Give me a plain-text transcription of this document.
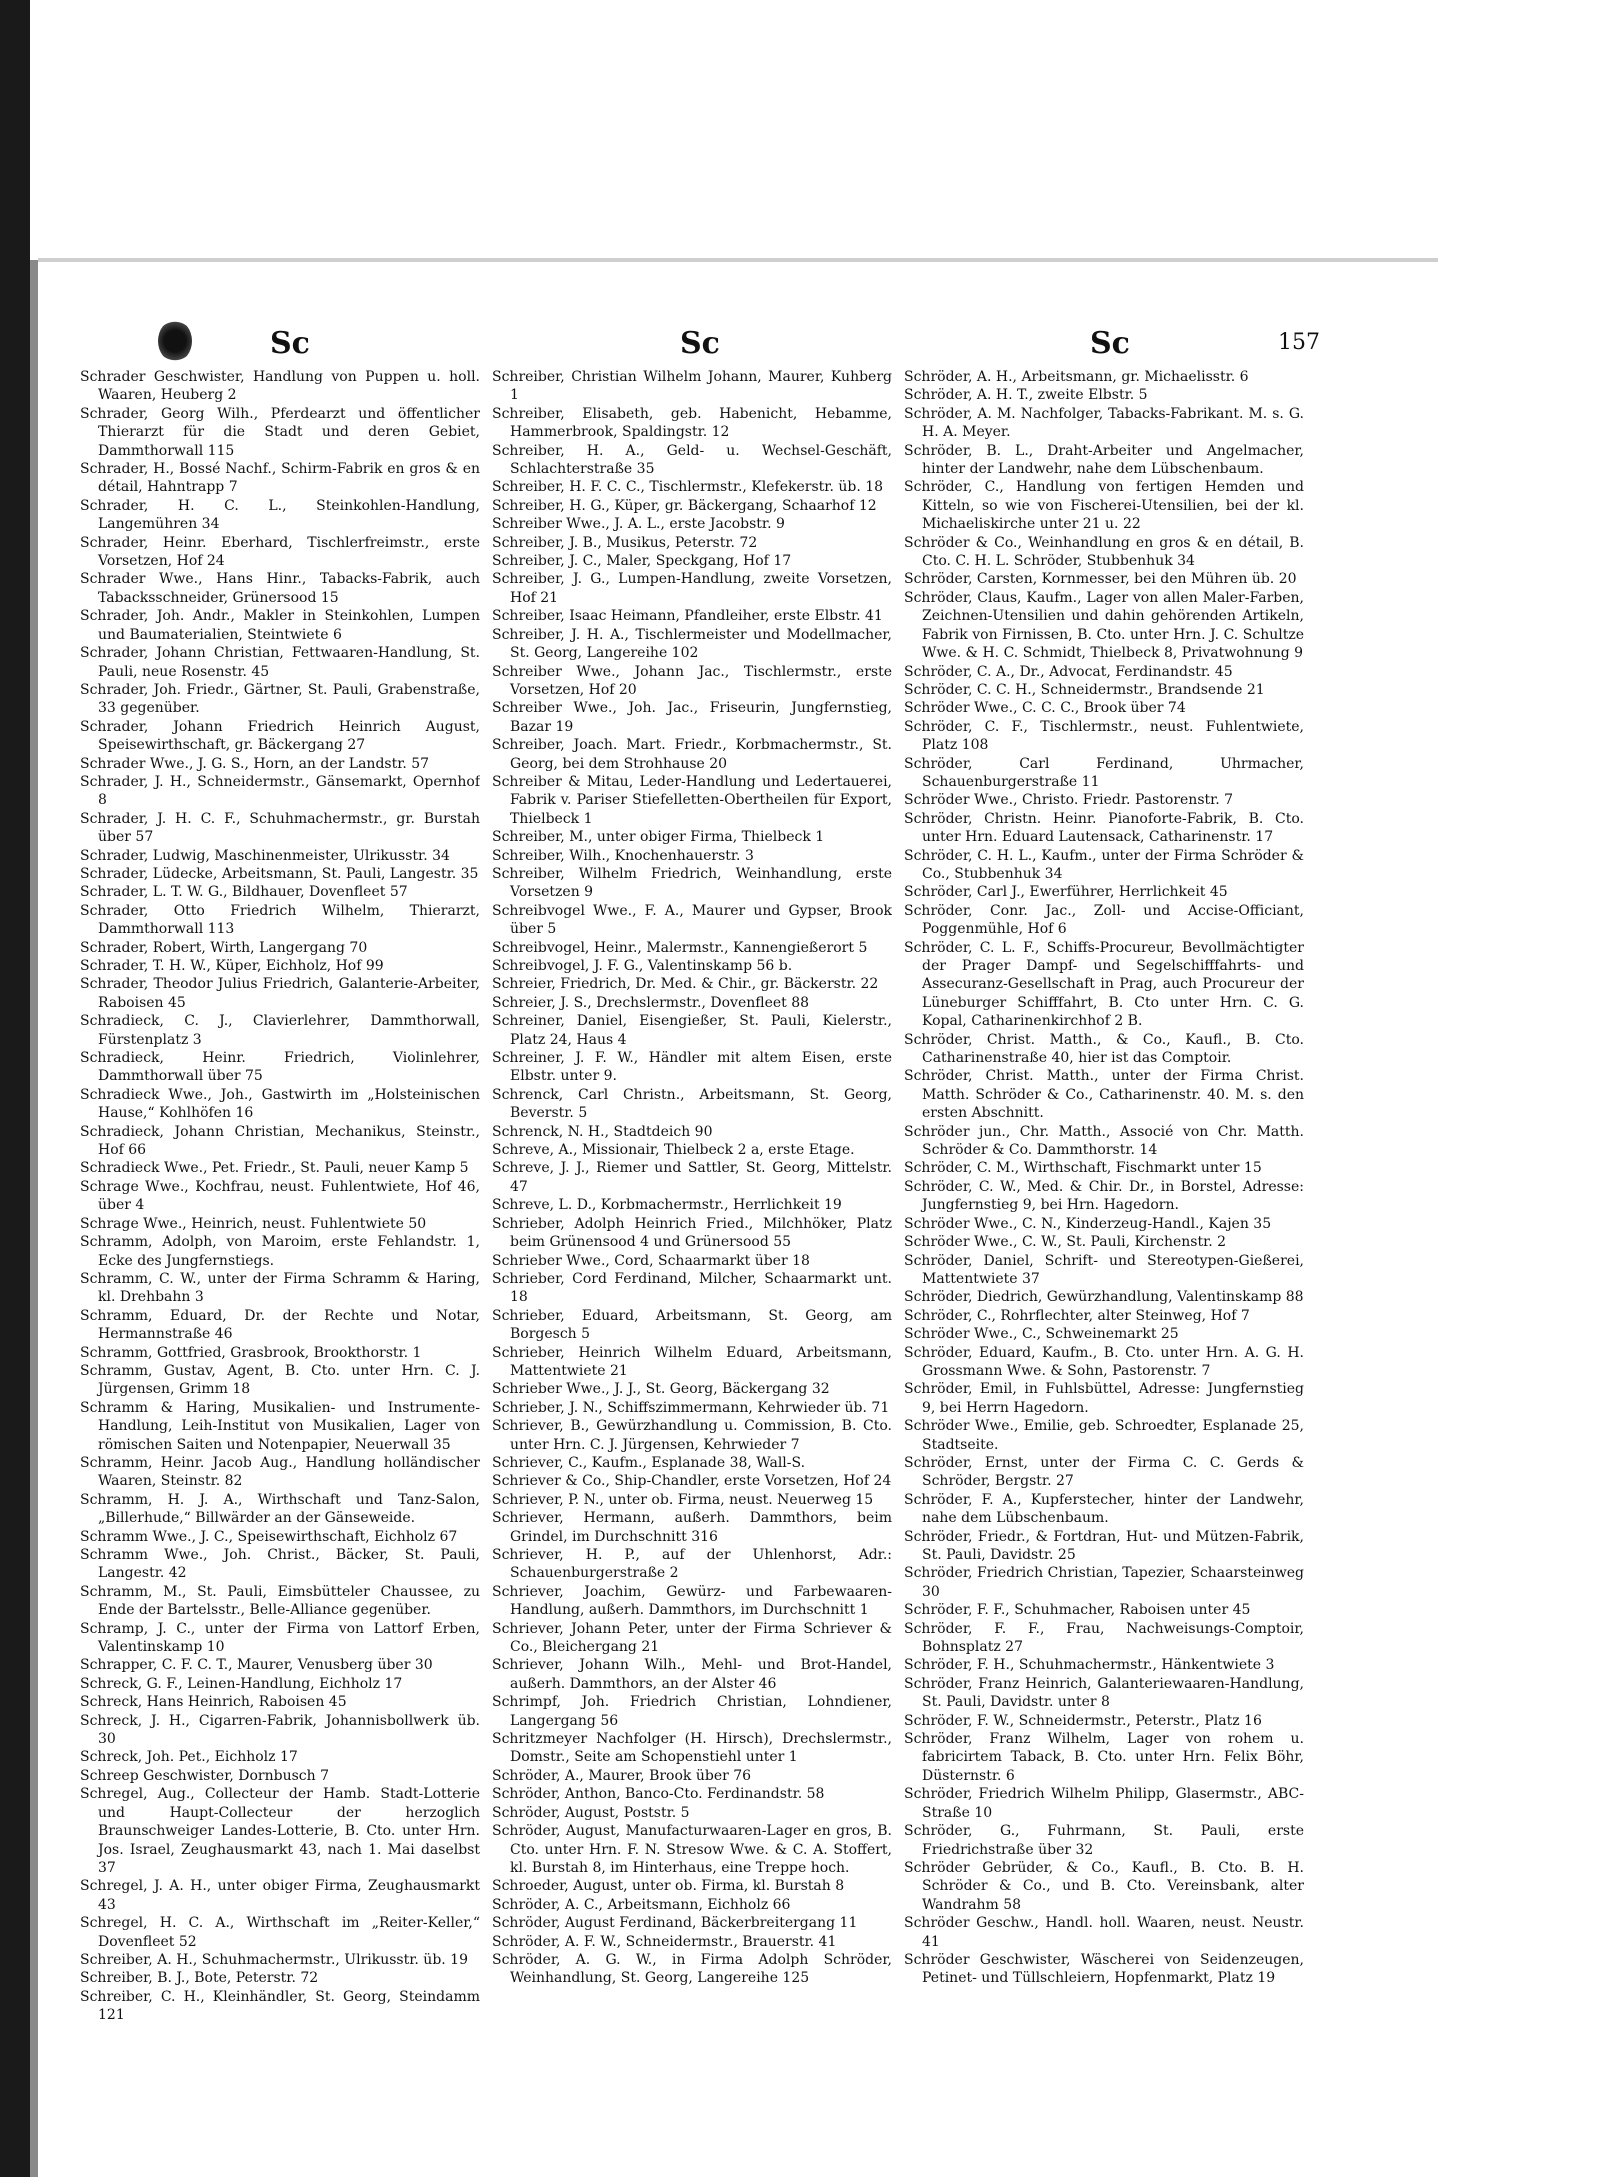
Sc	Sc	Sc	157

Schrader Geschwister, Handlung von Puppen u. holl. Waaren, Heuberg 2

Schrader, Georg Wilh., Pferdearzt und öffentlicher Thierarzt für die Stadt und deren Gebiet, Dammthorwall 115

Schrader, H., Bossé Nachf., Schirm-Fabrik en gros & en détail, Hahntrapp 7

Schrader, H. C. L., Steinkohlen-Handlung, Langemühren 34

Schrader, Heinr. Eberhard, Tischlerfreimstr., erste Vorsetzen, Hof 24

Schrader Wwe., Hans Hinr., Tabacks-Fabrik, auch Tabacksschneider, Grünersood 15

Schrader, Joh. Andr., Makler in Steinkohlen, Lumpen und Baumaterialien, Steintwiete 6

Schrader, Johann Christian, Fettwaaren-Handlung, St. Pauli, neue Rosenstr. 45

Schrader, Joh. Friedr., Gärtner, St. Pauli, Grabenstraße, 33 gegenüber.

Schrader, Johann Friedrich Heinrich August, Speisewirthschaft, gr. Bäckergang 27

Schrader Wwe., J. G. S., Horn, an der Landstr. 57

Schrader, J. H., Schneidermstr., Gänsemarkt, Opernhof 8

Schrader, J. H. C. F., Schuhmachermstr., gr. Burstah über 57

Schrader, Ludwig, Maschinenmeister, Ulrikusstr. 34

Schrader, Lüdecke, Arbeitsmann, St. Pauli, Langestr. 35

Schrader, L. T. W. G., Bildhauer, Dovenfleet 57

Schrader, Otto Friedrich Wilhelm, Thierarzt, Dammthorwall 113

Schrader, Robert, Wirth, Langergang 70

Schrader, T. H. W., Küper, Eichholz, Hof 99

Schrader, Theodor Julius Friedrich, Galanterie-Arbeiter, Raboisen 45

Schradieck, C. J., Clavierlehrer, Dammthorwall, Fürstenplatz 3

Schradieck, Heinr. Friedrich, Violinlehrer, Dammthorwall über 75

Schradieck Wwe., Joh., Gastwirth im „Holsteinischen Hause,“ Kohlhöfen 16

Schradieck, Johann Christian, Mechanikus, Steinstr., Hof 66

Schradieck Wwe., Pet. Friedr., St. Pauli, neuer Kamp 5

Schrage Wwe., Kochfrau, neust. Fuhlentwiete, Hof 46, über 4

Schrage Wwe., Heinrich, neust. Fuhlentwiete 50

Schramm, Adolph, von Maroim, erste Fehlandstr. 1, Ecke des Jungfernstiegs.

Schramm, C. W., unter der Firma Schramm & Haring, kl. Drehbahn 3

Schramm, Eduard, Dr. der Rechte und Notar, Hermannstraße 46

Schramm, Gottfried, Grasbrook, Brookthorstr. 1

Schramm, Gustav, Agent, B. Cto. unter Hrn. C. J. Jürgensen, Grimm 18

Schramm & Haring, Musikalien- und Instrumente-Handlung, Leih-Institut von Musikalien, Lager von römischen Saiten und Notenpapier, Neuerwall 35

Schramm, Heinr. Jacob Aug., Handlung holländischer Waaren, Steinstr. 82

Schramm, H. J. A., Wirthschaft und Tanz-Salon, „Billerhude,“ Billwärder an der Gänseweide.

Schramm Wwe., J. C., Speisewirthschaft, Eichholz 67

Schramm Wwe., Joh. Christ., Bäcker, St. Pauli, Langestr. 42

Schramm, M., St. Pauli, Eimsbütteler Chaussee, zu Ende der Bartelsstr., Belle-Alliance gegenüber.

Schramp, J. C., unter der Firma von Lattorf Erben, Valentinskamp 10

Schrapper, C. F. C. T., Maurer, Venusberg über 30

Schreck, G. F., Leinen-Handlung, Eichholz 17

Schreck, Hans Heinrich, Raboisen 45

Schreck, J. H., Cigarren-Fabrik, Johannisbollwerk üb. 30

Schreck, Joh. Pet., Eichholz 17

Schreep Geschwister, Dornbusch 7

Schregel, Aug., Collecteur der Hamb. Stadt-Lotterie und Haupt-Collecteur der herzoglich Braunschweiger Landes-Lotterie, B. Cto. unter Hrn. Jos. Israel, Zeughausmarkt 43, nach 1. Mai daselbst 37

Schregel, J. A. H., unter obiger Firma, Zeughausmarkt 43

Schregel, H. C. A., Wirthschaft im „Reiter-Keller,“ Dovenfleet 52

Schreiber, A. H., Schuhmachermstr., Ulrikusstr. üb. 19

Schreiber, B. J., Bote, Peterstr. 72

Schreiber, C. H., Kleinhändler, St. Georg, Steindamm 121

Schreiber, Christian Wilhelm Johann, Maurer, Kuhberg 1

Schreiber, Elisabeth, geb. Habenicht, Hebamme, Hammerbrook, Spaldingstr. 12

Schreiber, H. A., Geld- u. Wechsel-Geschäft, Schlachterstraße 35

Schreiber, H. F. C. C., Tischlermstr., Klefekerstr. üb. 18

Schreiber, H. G., Küper, gr. Bäckergang, Schaarhof 12

Schreiber Wwe., J. A. L., erste Jacobstr. 9

Schreiber, J. B., Musikus, Peterstr. 72

Schreiber, J. C., Maler, Speckgang, Hof 17

Schreiber, J. G., Lumpen-Handlung, zweite Vorsetzen, Hof 21

Schreiber, Isaac Heimann, Pfandleiher, erste Elbstr. 41

Schreiber, J. H. A., Tischlermeister und Modellmacher, St. Georg, Langereihe 102

Schreiber Wwe., Johann Jac., Tischlermstr., erste Vorsetzen, Hof 20

Schreiber Wwe., Joh. Jac., Friseurin, Jungfernstieg, Bazar 19

Schreiber, Joach. Mart. Friedr., Korbmachermstr., St. Georg, bei dem Strohhause 20

Schreiber & Mitau, Leder-Handlung und Ledertauerei, Fabrik v. Pariser Stiefelletten-Obertheilen für Export, Thielbeck 1

Schreiber, M., unter obiger Firma, Thielbeck 1

Schreiber, Wilh., Knochenhauerstr. 3

Schreiber, Wilhelm Friedrich, Weinhandlung, erste Vorsetzen 9

Schreibvogel Wwe., F. A., Maurer und Gypser, Brook über 5

Schreibvogel, Heinr., Malermstr., Kannengießerort 5

Schreibvogel, J. F. G., Valentinskamp 56 b.

Schreier, Friedrich, Dr. Med. & Chir., gr. Bäckerstr. 22

Schreier, J. S., Drechslermstr., Dovenfleet 88

Schreiner, Daniel, Eisengießer, St. Pauli, Kielerstr., Platz 24, Haus 4

Schreiner, J. F. W., Händler mit altem Eisen, erste Elbstr. unter 9.

Schrenck, Carl Christn., Arbeitsmann, St. Georg, Beverstr. 5

Schrenck, N. H., Stadtdeich 90

Schreve, A., Missionair, Thielbeck 2 a, erste Etage.

Schreve, J. J., Riemer und Sattler, St. Georg, Mittelstr. 47

Schreve, L. D., Korbmachermstr., Herrlichkeit 19

Schrieber, Adolph Heinrich Fried., Milchhöker, Platz beim Grünensood 4 und Grünersood 55

Schrieber Wwe., Cord, Schaarmarkt über 18

Schrieber, Cord Ferdinand, Milcher, Schaarmarkt unt. 18

Schrieber, Eduard, Arbeitsmann, St. Georg, am Borgesch 5

Schrieber, Heinrich Wilhelm Eduard, Arbeitsmann, Mattentwiete 21

Schrieber Wwe., J. J., St. Georg, Bäckergang 32

Schrieber, J. N., Schiffszimmermann, Kehrwieder üb. 71

Schriever, B., Gewürzhandlung u. Commission, B. Cto. unter Hrn. C. J. Jürgensen, Kehrwieder 7

Schriever, C., Kaufm., Esplanade 38, Wall-S.

Schriever & Co., Ship-Chandler, erste Vorsetzen, Hof 24

Schriever, P. N., unter ob. Firma, neust. Neuerweg 15

Schriever, Hermann, außerh. Dammthors, beim Grindel, im Durchschnitt 316

Schriever, H. P., auf der Uhlenhorst, Adr.: Schauenburgerstraße 2

Schriever, Joachim, Gewürz- und Farbewaaren-Handlung, außerh. Dammthors, im Durchschnitt 1

Schriever, Johann Peter, unter der Firma Schriever & Co., Bleichergang 21

Schriever, Johann Wilh., Mehl- und Brot-Handel, außerh. Dammthors, an der Alster 46

Schrimpf, Joh. Friedrich Christian, Lohndiener, Langergang 56

Schritzmeyer Nachfolger (H. Hirsch), Drechslermstr., Domstr., Seite am Schopenstiehl unter 1

Schröder, A., Maurer, Brook über 76

Schröder, Anthon, Banco-Cto. Ferdinandstr. 58

Schröder, August, Poststr. 5

Schröder, August, Manufacturwaaren-Lager en gros, B. Cto. unter Hrn. F. N. Stresow Wwe. & C. A. Stoffert, kl. Burstah 8, im Hinterhaus, eine Treppe hoch.

Schroeder, August, unter ob. Firma, kl. Burstah 8

Schröder, A. C., Arbeitsmann, Eichholz 66

Schröder, August Ferdinand, Bäckerbreitergang 11

Schröder, A. F. W., Schneidermstr., Brauerstr. 41

Schröder, A. G. W., in Firma Adolph Schröder, Weinhandlung, St. Georg, Langereihe 125

Schröder, A. H., Arbeitsmann, gr. Michaelisstr. 6

Schröder, A. H. T., zweite Elbstr. 5

Schröder, A. M. Nachfolger, Tabacks-Fabrikant. M. s. G. H. A. Meyer.

Schröder, B. L., Draht-Arbeiter und Angelmacher, hinter der Landwehr, nahe dem Lübschenbaum.

Schröder, C., Handlung von fertigen Hemden und Kitteln, so wie von Fischerei-Utensilien, bei der kl. Michaeliskirche unter 21 u. 22

Schröder & Co., Weinhandlung en gros & en détail, B. Cto. C. H. L. Schröder, Stubbenhuk 34

Schröder, Carsten, Kornmesser, bei den Mühren üb. 20

Schröder, Claus, Kaufm., Lager von allen Maler-Farben, Zeichnen-Utensilien und dahin gehörenden Artikeln, Fabrik von Firnissen, B. Cto. unter Hrn. J. C. Schultze Wwe. & H. C. Schmidt, Thielbeck 8, Privatwohnung 9

Schröder, C. A., Dr., Advocat, Ferdinandstr. 45

Schröder, C. C. H., Schneidermstr., Brandsende 21

Schröder Wwe., C. C. C., Brook über 74

Schröder, C. F., Tischlermstr., neust. Fuhlentwiete, Platz 108

Schröder, Carl Ferdinand, Uhrmacher, Schauenburgerstraße 11

Schröder Wwe., Christo. Friedr. Pastorenstr. 7

Schröder, Christn. Heinr. Pianoforte-Fabrik, B. Cto. unter Hrn. Eduard Lautensack, Catharinenstr. 17

Schröder, C. H. L., Kaufm., unter der Firma Schröder & Co., Stubbenhuk 34

Schröder, Carl J., Ewerführer, Herrlichkeit 45

Schröder, Conr. Jac., Zoll- und Accise-Officiant, Poggenmühle, Hof 6

Schröder, C. L. F., Schiffs-Procureur, Bevollmächtigter der Prager Dampf- und Segelschifffahrts- und Assecuranz-Gesellschaft in Prag, auch Procureur der Lüneburger Schifffahrt, B. Cto unter Hrn. C. G. Kopal, Catharinenkirchhof 2 B.

Schröder, Christ. Matth., & Co., Kaufl., B. Cto. Catharinenstraße 40, hier ist das Comptoir.

Schröder, Christ. Matth., unter der Firma Christ. Matth. Schröder & Co., Catharinenstr. 40. M. s. den ersten Abschnitt.

Schröder jun., Chr. Matth., Associé von Chr. Matth. Schröder & Co. Dammthorstr. 14

Schröder, C. M., Wirthschaft, Fischmarkt unter 15

Schröder, C. W., Med. & Chir. Dr., in Borstel, Adresse: Jungfernstieg 9, bei Hrn. Hagedorn.

Schröder Wwe., C. N., Kinderzeug-Handl., Kajen 35

Schröder Wwe., C. W., St. Pauli, Kirchenstr. 2

Schröder, Daniel, Schrift- und Stereotypen-Gießerei, Mattentwiete 37

Schröder, Diedrich, Gewürzhandlung, Valentinskamp 88

Schröder, C., Rohrflechter, alter Steinweg, Hof 7

Schröder Wwe., C., Schweinemarkt 25

Schröder, Eduard, Kaufm., B. Cto. unter Hrn. A. G. H. Grossmann Wwe. & Sohn, Pastorenstr. 7

Schröder, Emil, in Fuhlsbüttel, Adresse: Jungfernstieg 9, bei Herrn Hagedorn.

Schröder Wwe., Emilie, geb. Schroedter, Esplanade 25, Stadtseite.

Schröder, Ernst, unter der Firma C. C. Gerds & Schröder, Bergstr. 27

Schröder, F. A., Kupferstecher, hinter der Landwehr, nahe dem Lübschenbaum.

Schröder, Friedr., & Fortdran, Hut- und Mützen-Fabrik, St. Pauli, Davidstr. 25

Schröder, Friedrich Christian, Tapezier, Schaarsteinweg 30

Schröder, F. F., Schuhmacher, Raboisen unter 45

Schröder, F. F., Frau, Nachweisungs-Comptoir, Bohnsplatz 27

Schröder, F. H., Schuhmachermstr., Hänkentwiete 3

Schröder, Franz Heinrich, Galanteriewaaren-Handlung, St. Pauli, Davidstr. unter 8

Schröder, F. W., Schneidermstr., Peterstr., Platz 16

Schröder, Franz Wilhelm, Lager von rohem u. fabricirtem Taback, B. Cto. unter Hrn. Felix Böhr, Düsternstr. 6

Schröder, Friedrich Wilhelm Philipp, Glasermstr., ABC-Straße 10

Schröder, G., Fuhrmann, St. Pauli, erste Friedrichstraße über 32

Schröder Gebrüder, & Co., Kaufl., B. Cto. B. H. Schröder & Co., und B. Cto. Vereinsbank, alter Wandrahm 58

Schröder Geschw., Handl. holl. Waaren, neust. Neustr. 41

Schröder Geschwister, Wäscherei von Seidenzeugen, Petinet- und Tüllschleiern, Hopfenmarkt, Platz 19
